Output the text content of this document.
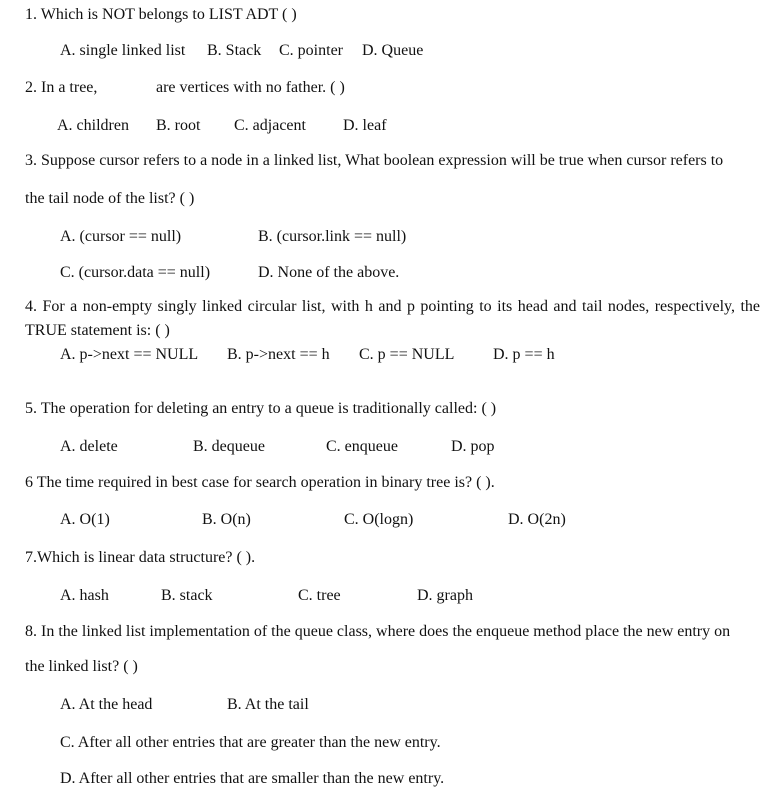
1. Which is NOT belongs to LIST ADT ( )
A. single linked list B. Stack C. pointer D. Queue
2. In a tree,	are vertices with no father. ( )
A. children B. root C. adjacent D. leaf
3. Suppose cursor refers to a node in a linked list, What boolean expression will be true when cursor refers to
the tail node of the list? ( )
A. (cursor == null)	B. (cursor.link == null)
C. (cursor.data == null)	D. None of the above.
4. For a non-empty singly linked circular list, with h and p pointing to its head and tail nodes, respectively, the TRUE statement is: ( )
A. p->next == NULL B. p->next == h C. p == NULL D. p == h
5. The operation for deleting an entry to a queue is traditionally called: ( )
A. delete	B. dequeue	C. enqueue	D. pop
6 The time required in best case for search operation in binary tree is? ( ).
A. O(1)	B. O(n)	C. O(logn)	D. O(2n)
7.Which is linear data structure? ( ).
A. hash	B. stack	C. tree	D. graph
8. In the linked list implementation of the queue class, where does the enqueue method place the new entry on
the linked list? ( )
A. At the head	B. At the tail
C. After all other entries that are greater than the new entry.
D. After all other entries that are smaller than the new entry.
